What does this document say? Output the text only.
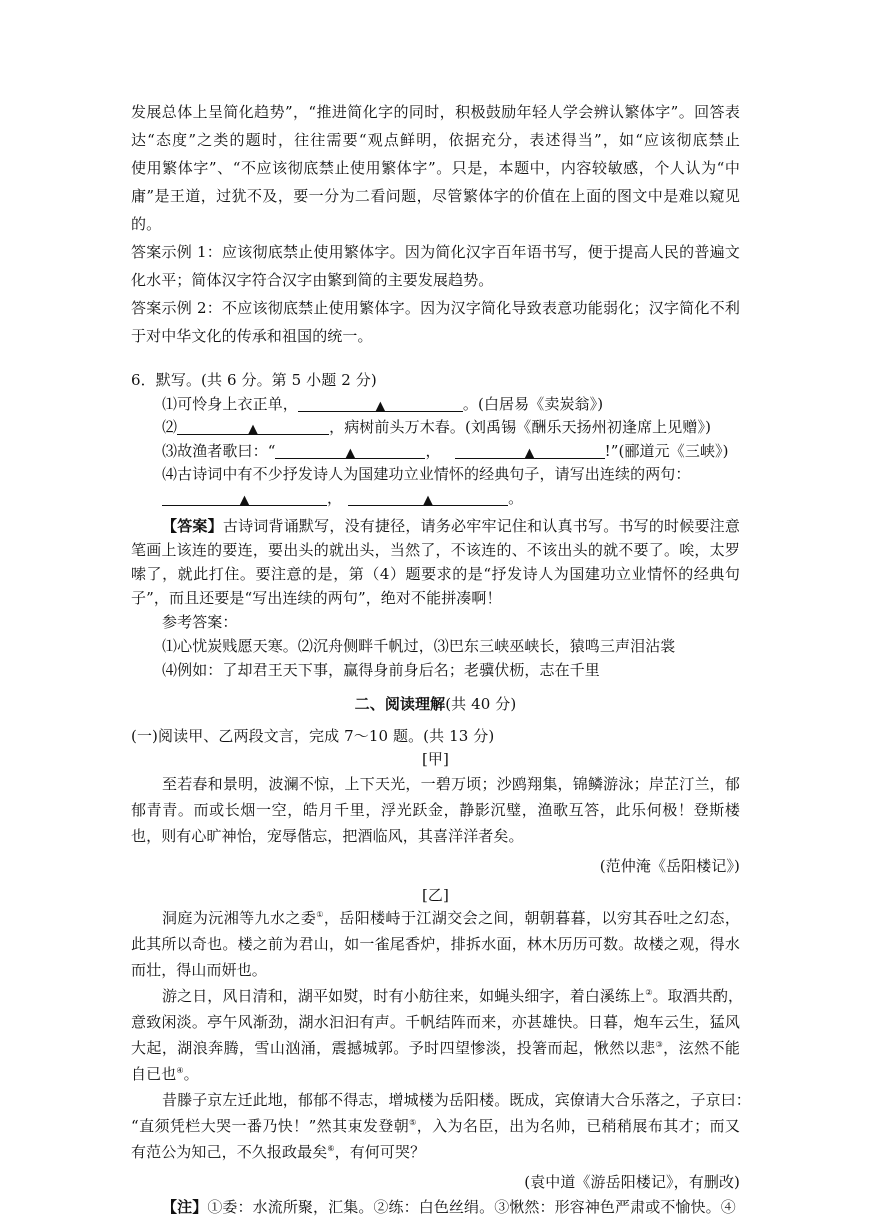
发展总体上呈简化趋势”，“推进简化字的同时，积极鼓励年轻人学会辨认繁体字”。回答表
达“态度”之类的题时，往往需要“观点鲜明，依据充分，表述得当”，如“应该彻底禁止
使用繁体字”、“不应该彻底禁止使用繁体字”。只是，本题中，内容较敏感，个人认为“中
庸”是王道，过犹不及，要一分为二看问题，尽管繁体字的价值在上面的图文中是难以窥见
的。
答案示例 1：应该彻底禁止使用繁体字。因为简化汉字百年语书写，便于提高人民的普遍文
化水平；简体汉字符合汉字由繁到简的主要发展趋势。
答案示例 2：不应该彻底禁止使用繁体字。因为汉字简化导致表意功能弱化；汉字简化不利
于对中华文化的传承和祖国的统一。
6．默写。(共 6 分。第 5 小题 2 分)
⑴可怜身上衣正单，	▲	。(白居易《卖炭翁》)
⑵	▲	，病树前头万木春。(刘禹锡《酬乐天扬州初逢席上见赠》)
⑶故渔者歌曰：“	▲	，	▲	!”(郦道元《三峡》)
⑷古诗词中有不少抒发诗人为国建功立业情怀的经典句子，请写出连续的两句：
▲	，	▲	。
【答案】古诗词背诵默写，没有捷径，请务必牢牢记住和认真书写。书写的时候要注意
笔画上该连的要连，要出头的就出头，当然了，不该连的、不该出头的就不要了。唉，太罗
嗦了，就此打住。要注意的是，第（4）题要求的是“抒发诗人为国建功立业情怀的经典句
子”，而且还要是“写出连续的两句”，绝对不能拼凑啊！
参考答案：
⑴心忧炭贱愿天寒。⑵沉舟侧畔千帆过，⑶巴东三峡巫峡长，猿鸣三声泪沾裳
⑷例如：了却君王天下事，赢得身前身后名；老骥伏枥，志在千里
二、阅读理解(共 40 分)
(一)阅读甲、乙两段文言，完成 7～10 题。(共 13 分)
[甲]
至若春和景明，波澜不惊，上下天光，一碧万顷；沙鸥翔集，锦鳞游泳；岸芷汀兰，郁
郁青青。而或长烟一空，皓月千里，浮光跃金，静影沉璧，渔歌互答，此乐何极！登斯楼
也，则有心旷神怡，宠辱偕忘，把酒临风，其喜洋洋者矣。
(范仲淹《岳阳楼记》)
[乙]
洞庭为沅湘等九水之委①，岳阳楼峙于江湖交会之间，朝朝暮暮，以穷其吞吐之幻态，
此其所以奇也。楼之前为君山，如一雀尾香炉，排拆水面，林木历历可数。故楼之观，得水
而壮，得山而妍也。
游之日，风日清和，湖平如熨，时有小舫往来，如蝇头细字，着白溪练上②。取酒共酌，
意致闲淡。亭午风渐劲，湖水汩汩有声。千帆结阵而来，亦甚雄快。日暮，炮车云生，猛风
大起，湖浪奔腾，雪山汹涌，震撼城郭。予时四望惨淡，投箸而起，愀然以悲③，泫然不能
自已也④。
昔滕子京左迁此地，郁郁不得志，增城楼为岳阳楼。既成，宾僚请大合乐落之，子京曰：
“直须凭栏大哭一番乃快！”然其束发登朝⑤，入为名臣，出为名帅，已稍稍展布其才；而又
有范公为知己，不久报政最矣⑥，有何可哭？
(袁中道《游岳阳楼记》，有删改)
【注】①委：水流所聚，汇集。②练：白色丝绢。③愀然：形容神色严肃或不愉快。④
